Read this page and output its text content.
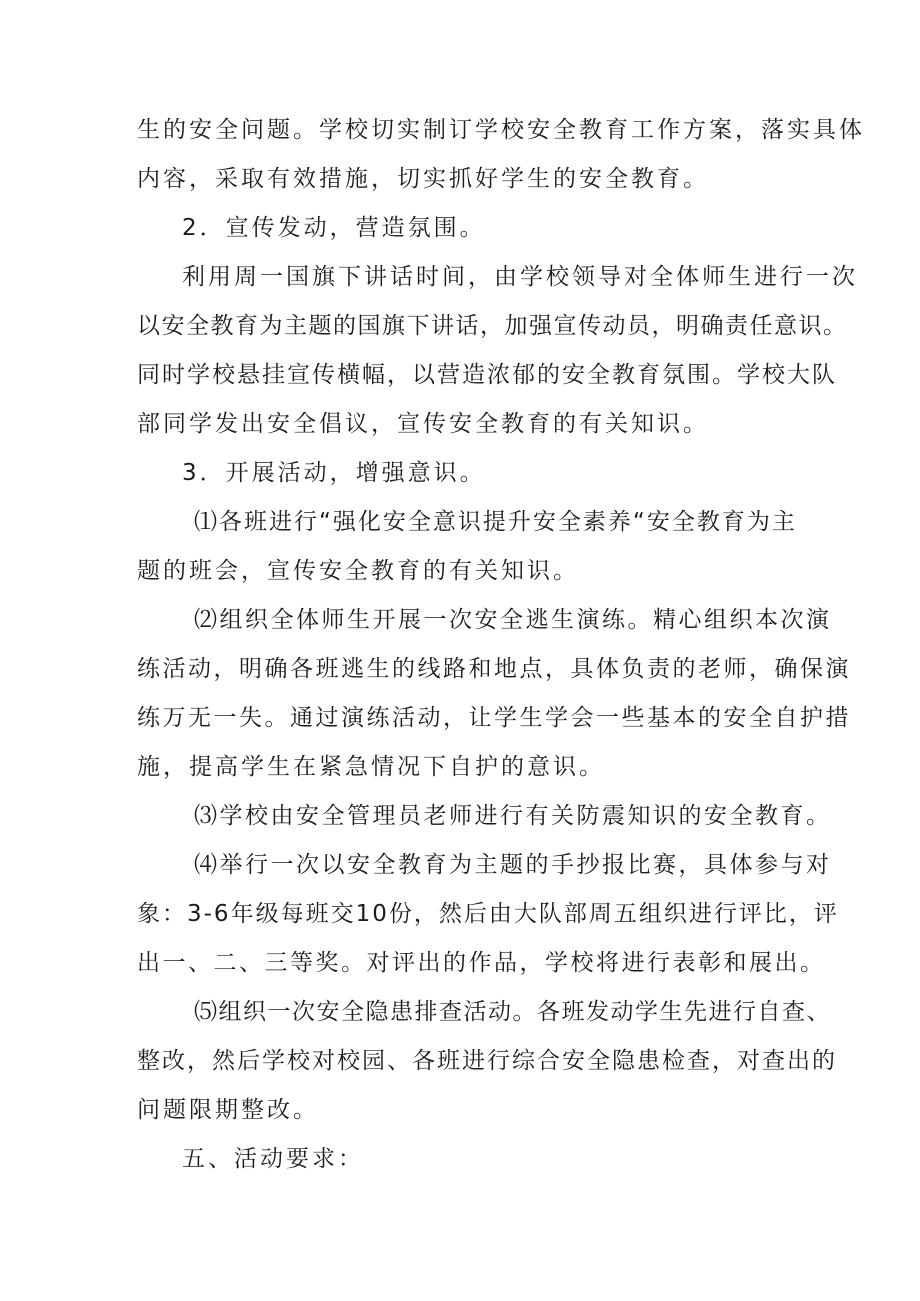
生的安全问题。学校切实制订学校安全教育工作方案，落实具体

内容，采取有效措施，切实抓好学生的安全教育。

2．宣传发动，营造氛围。

利用周一国旗下讲话时间，由学校领导对全体师生进行一次

以安全教育为主题的国旗下讲话，加强宣传动员，明确责任意识。

同时学校悬挂宣传横幅，以营造浓郁的安全教育氛围。学校大队

部同学发出安全倡议，宣传安全教育的有关知识。

3．开展活动，增强意识。

⑴各班进行“强化安全意识提升安全素养“安全教育为主

题的班会，宣传安全教育的有关知识。

⑵组织全体师生开展一次安全逃生演练。精心组织本次演

练活动，明确各班逃生的线路和地点，具体负责的老师，确保演

练万无一失。通过演练活动，让学生学会一些基本的安全自护措

施，提高学生在紧急情况下自护的意识。

⑶学校由安全管理员老师进行有关防震知识的安全教育。

⑷举行一次以安全教育为主题的手抄报比赛，具体参与对

象：3-6年级每班交10份，然后由大队部周五组织进行评比，评

出一、二、三等奖。对评出的作品，学校将进行表彰和展出。

⑸组织一次安全隐患排查活动。各班发动学生先进行自查、

整改，然后学校对校园、各班进行综合安全隐患检查，对查出的

问题限期整改。

五、活动要求：
